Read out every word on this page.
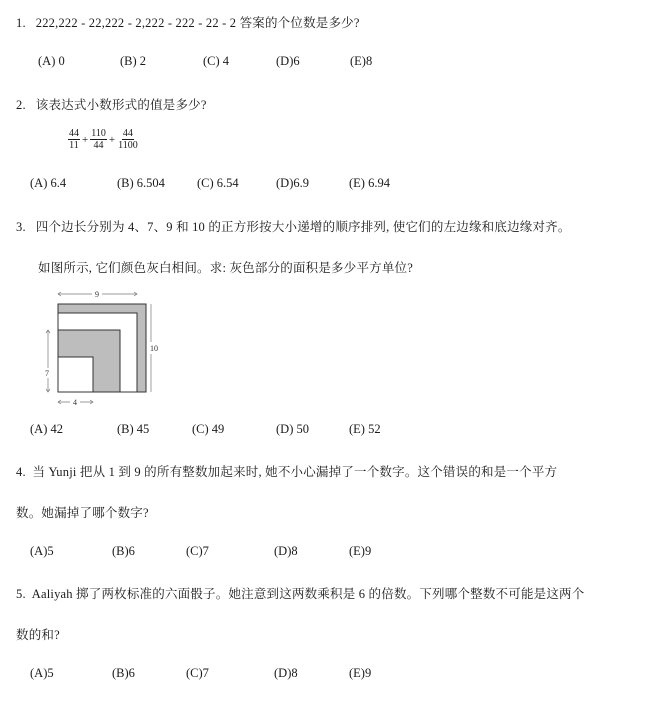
1. 222,222 - 22,222 - 2,222 - 222 - 22 - 2 答案的个位数是多少?
(A) 0	(B) 2	(C) 4	(D)6	(E)8
2. 该表达式小数形式的值是多少?
$\frac{44}{11} + \frac{110}{44} + \frac{44}{1100}$
(A) 6.4	(B) 6.504	(C) 6.54	(D)6.9	(E) 6.94
3. 四个边长分别为 4、7、9 和 10 的正方形按大小递增的顺序排列, 使它们的左边缘和底边缘对齐。
如图所示, 它们颜色灰白相间。求: 灰色部分的面积是多少平方单位?
9
10
7
4
(A) 42	(B) 45	(C) 49	(D) 50	(E) 52
4. 当 Yunji 把从 1 到 9 的所有整数加起来时, 她不小心漏掉了一个数字。这个错误的和是一个平方
数。她漏掉了哪个数字?
(A)5	(B)6	(C)7	(D)8	(E)9
5. Aaliyah 掷了两枚标准的六面骰子。她注意到这两数乘积是 6 的倍数。下列哪个整数不可能是这两个
数的和?
(A)5	(B)6	(C)7	(D)8	(E)9
